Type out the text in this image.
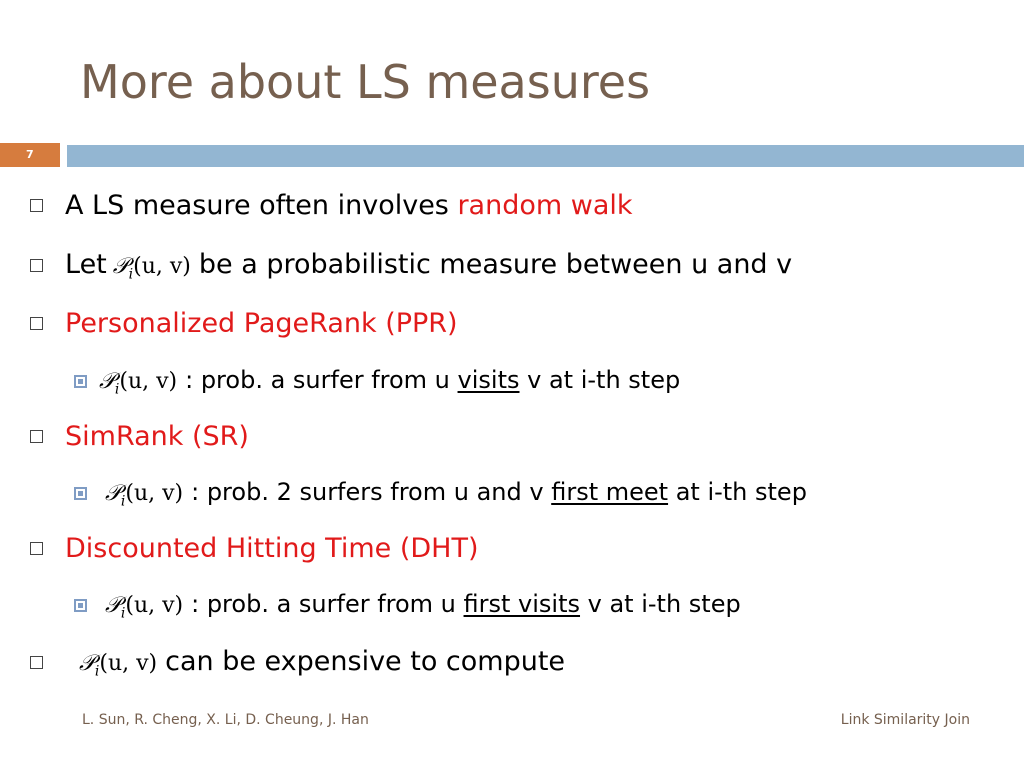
More about LS measures
7
A LS measure often involves random walk
Let 𝒫$_i$(u, v) be a probabilistic measure between u and v
Personalized PageRank (PPR)
𝒫$_i$(u, v) : prob. a surfer from u visits v at i-th step
SimRank (SR)
𝒫$_i$(u, v) : prob. 2 surfers from u and v first meet at i-th step
Discounted Hitting Time (DHT)
𝒫$_i$(u, v) : prob. a surfer from u first visits v at i-th step
𝒫$_i$(u, v) can be expensive to compute
L. Sun, R. Cheng, X. Li, D. Cheung, J. Han	Link Similarity Join
